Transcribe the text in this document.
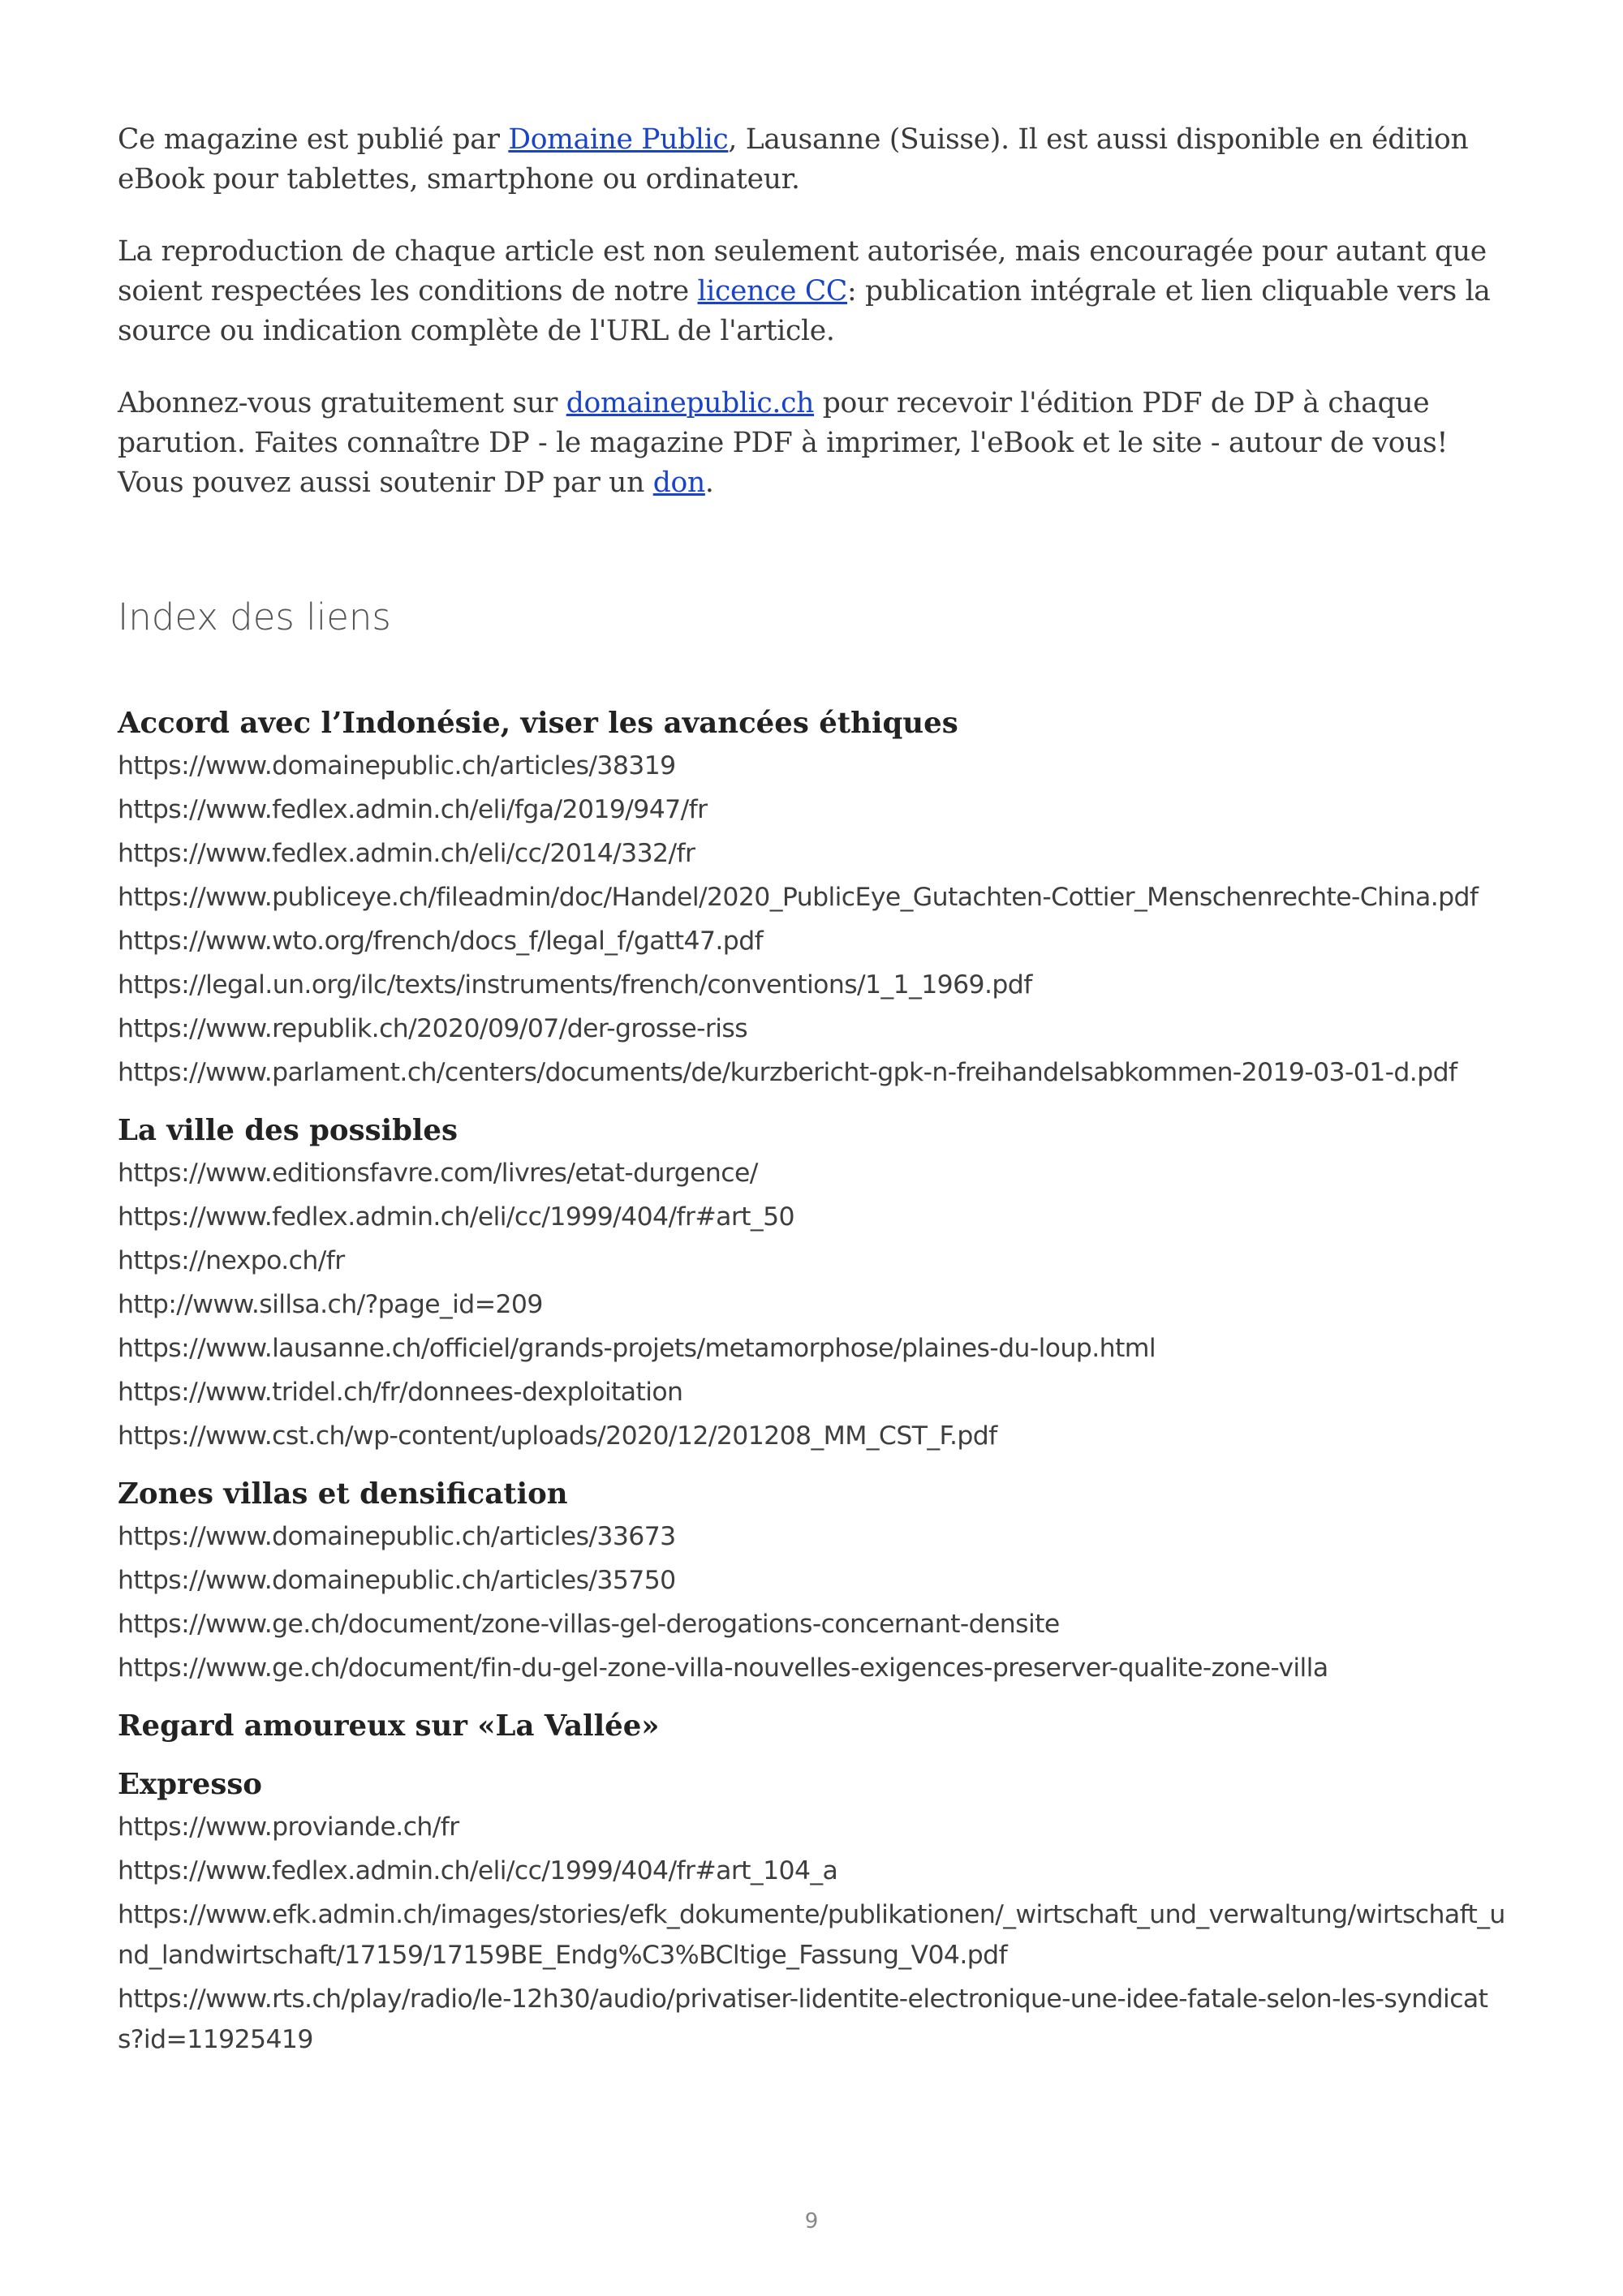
Ce magazine est publié par Domaine Public, Lausanne (Suisse). Il est aussi disponible en édition eBook pour tablettes, smartphone ou ordinateur.

La reproduction de chaque article est non seulement autorisée, mais encouragée pour autant que soient respectées les conditions de notre licence CC: publication intégrale et lien cliquable vers la source ou indication complète de l'URL de l'article.

Abonnez-vous gratuitement sur domainepublic.ch pour recevoir l'édition PDF de DP à chaque parution. Faites connaître DP - le magazine PDF à imprimer, l'eBook et le site - autour de vous! Vous pouvez aussi soutenir DP par un don.

Index des liens
Accord avec l’Indonésie, viser les avancées éthiques
https://www.domainepublic.ch/articles/38319
https://www.fedlex.admin.ch/eli/fga/2019/947/fr
https://www.fedlex.admin.ch/eli/cc/2014/332/fr
https://www.publiceye.ch/fileadmin/doc/Handel/2020_PublicEye_Gutachten-Cottier_Menschenrechte-China.pdf
https://www.wto.org/french/docs_f/legal_f/gatt47.pdf
https://legal.un.org/ilc/texts/instruments/french/conventions/1_1_1969.pdf
https://www.republik.ch/2020/09/07/der-grosse-riss
https://www.parlament.ch/centers/documents/de/kurzbericht-gpk-n-freihandelsabkommen-2019-03-01-d.pdf
La ville des possibles
https://www.editionsfavre.com/livres/etat-durgence/
https://www.fedlex.admin.ch/eli/cc/1999/404/fr#art_50
https://nexpo.ch/fr
http://www.sillsa.ch/?page_id=209
https://www.lausanne.ch/officiel/grands-projets/metamorphose/plaines-du-loup.html
https://www.tridel.ch/fr/donnees-dexploitation
https://www.cst.ch/wp-content/uploads/2020/12/201208_MM_CST_F.pdf
Zones villas et densification
https://www.domainepublic.ch/articles/33673
https://www.domainepublic.ch/articles/35750
https://www.ge.ch/document/zone-villas-gel-derogations-concernant-densite
https://www.ge.ch/document/fin-du-gel-zone-villa-nouvelles-exigences-preserver-qualite-zone-villa
Regard amoureux sur «La Vallée»
Expresso
https://www.proviande.ch/fr
https://www.fedlex.admin.ch/eli/cc/1999/404/fr#art_104_a
https://www.efk.admin.ch/images/stories/efk_dokumente/publikationen/_wirtschaft_und_verwaltung/wirtschaft_und_landwirtschaft/17159/17159BE_Endg%C3%BCltige_Fassung_V04.pdf
https://www.rts.ch/play/radio/le-12h30/audio/privatiser-lidentite-electronique-une-idee-fatale-selon-les-syndicats?id=11925419
9
